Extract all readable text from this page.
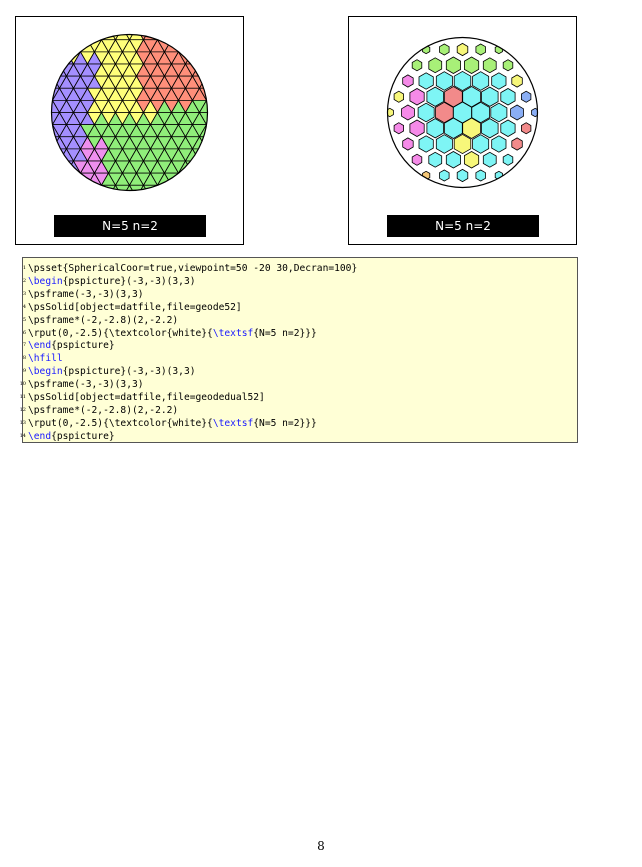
N=5 n=2	N=5 n=2
1 \psset{SphericalCoor=true,viewpoint=50 -20 30,Decran=100}
2 \begin{pspicture}(-3,-3)(3,3)
3 \psframe(-3,-3)(3,3)
4 \psSolid[object=datfile,file=geode52]
5 \psframe*(-2,-2.8)(2,-2.2)
6 \rput(0,-2.5){\textcolor{white}{\textsf{N=5 n=2}}}
7 \end{pspicture}
8 \hfill
9 \begin{pspicture}(-3,-3)(3,3)
10 \psframe(-3,-3)(3,3)
11 \psSolid[object=datfile,file=geodedual52]
12 \psframe*(-2,-2.8)(2,-2.2)
13 \rput(0,-2.5){\textcolor{white}{\textsf{N=5 n=2}}}
14 \end{pspicture}
8
